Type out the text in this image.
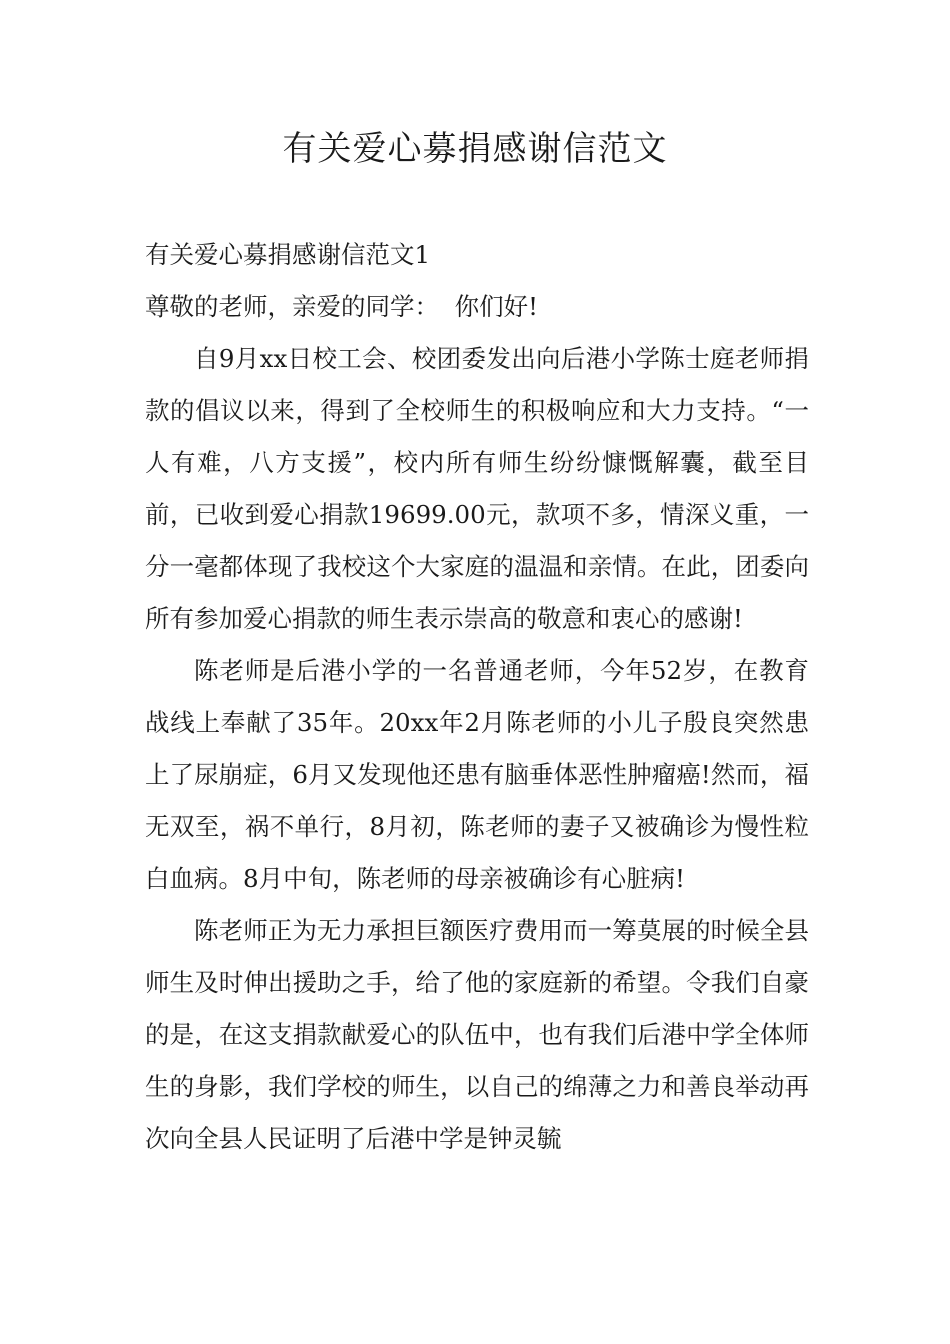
有关爱心募捐感谢信范文

有关爱心募捐感谢信范文1

尊敬的老师，亲爱的同学：  你们好!

自9月xx日校工会、校团委发出向后港小学陈士庭老师捐款的倡议以来，得到了全校师生的积极响应和大力支持。“一人有难，八方支援”，校内所有师生纷纷慷慨解囊，截至目前，已收到爱心捐款19699.00元，款项不多，情深义重，一分一毫都体现了我校这个大家庭的温温和亲情。在此，团委向所有参加爱心捐款的师生表示崇高的敬意和衷心的感谢!

陈老师是后港小学的一名普通老师，今年52岁，在教育战线上奉献了35年。20xx年2月陈老师的小儿子殷良突然患上了尿崩症，6月又发现他还患有脑垂体恶性肿瘤癌!然而，福无双至，祸不单行，8月初，陈老师的妻子又被确诊为慢性粒白血病。8月中旬，陈老师的母亲被确诊有心脏病!

陈老师正为无力承担巨额医疗费用而一筹莫展的时候全县师生及时伸出援助之手，给了他的家庭新的希望。令我们自豪的是，在这支捐款献爱心的队伍中，也有我们后港中学全体师生的身影，我们学校的师生，以自己的绵薄之力和善良举动再次向全县人民证明了后港中学是钟灵毓
